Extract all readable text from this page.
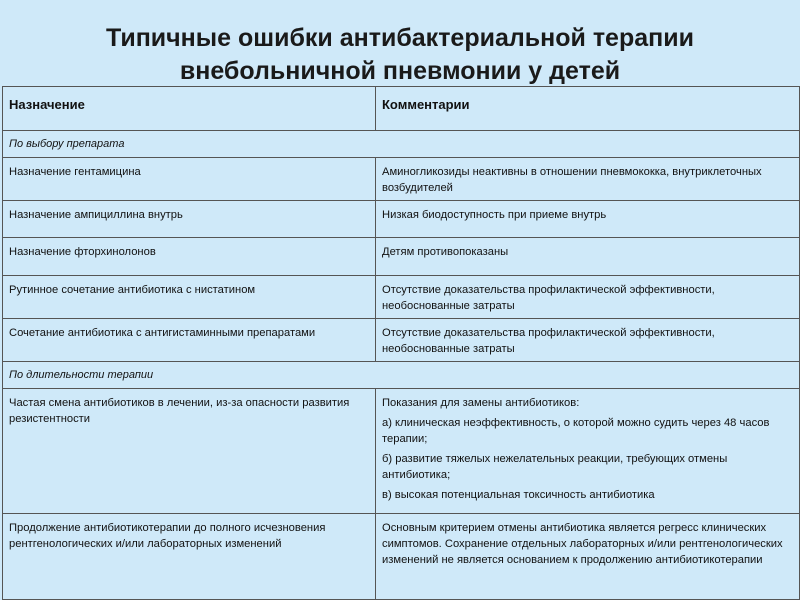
Типичные ошибки антибактериальной терапии
внебольничной пневмонии у детей
Назначение	Комментарии
По выбору препарата	
Назначение гентамицина	Аминогликозиды неактивны в отношении пневмококка, внутриклеточных возбудителей

Назначение ампициллина внутрь	Низкая биодоступность при приеме внутрь

Назначение фторхинолонов	Детям противопоказаны

Рутинное сочетание антибиотика с нистатином	Отсутствие доказательства профилактической эффективности, необоснованные затраты

Сочетание антибиотика с антигистаминными препаратами	Отсутствие доказательства профилактической эффективности, необоснованные затраты

По длительности терапии	
Частая смена антибиотиков в лечении, из-за опасности развития резистентности	Показания для замены антибиотиков:
а) клиническая неэффективность, о которой можно судить через 48 часов терапии;
б) развитие тяжелых нежелательных реакции, требующих отмены антибиотика;
в) высокая потенциальная токсичность антибиотика

Продолжение антибиотикотерапии до полного исчезновения рентгенологических и/или лабораторных изменений	Основным критерием отмены антибиотика является регресс клинических симптомов. Сохранение отдельных лабораторных и/или рентгенологических изменений не является основанием к продолжению антибиотикотерапии
